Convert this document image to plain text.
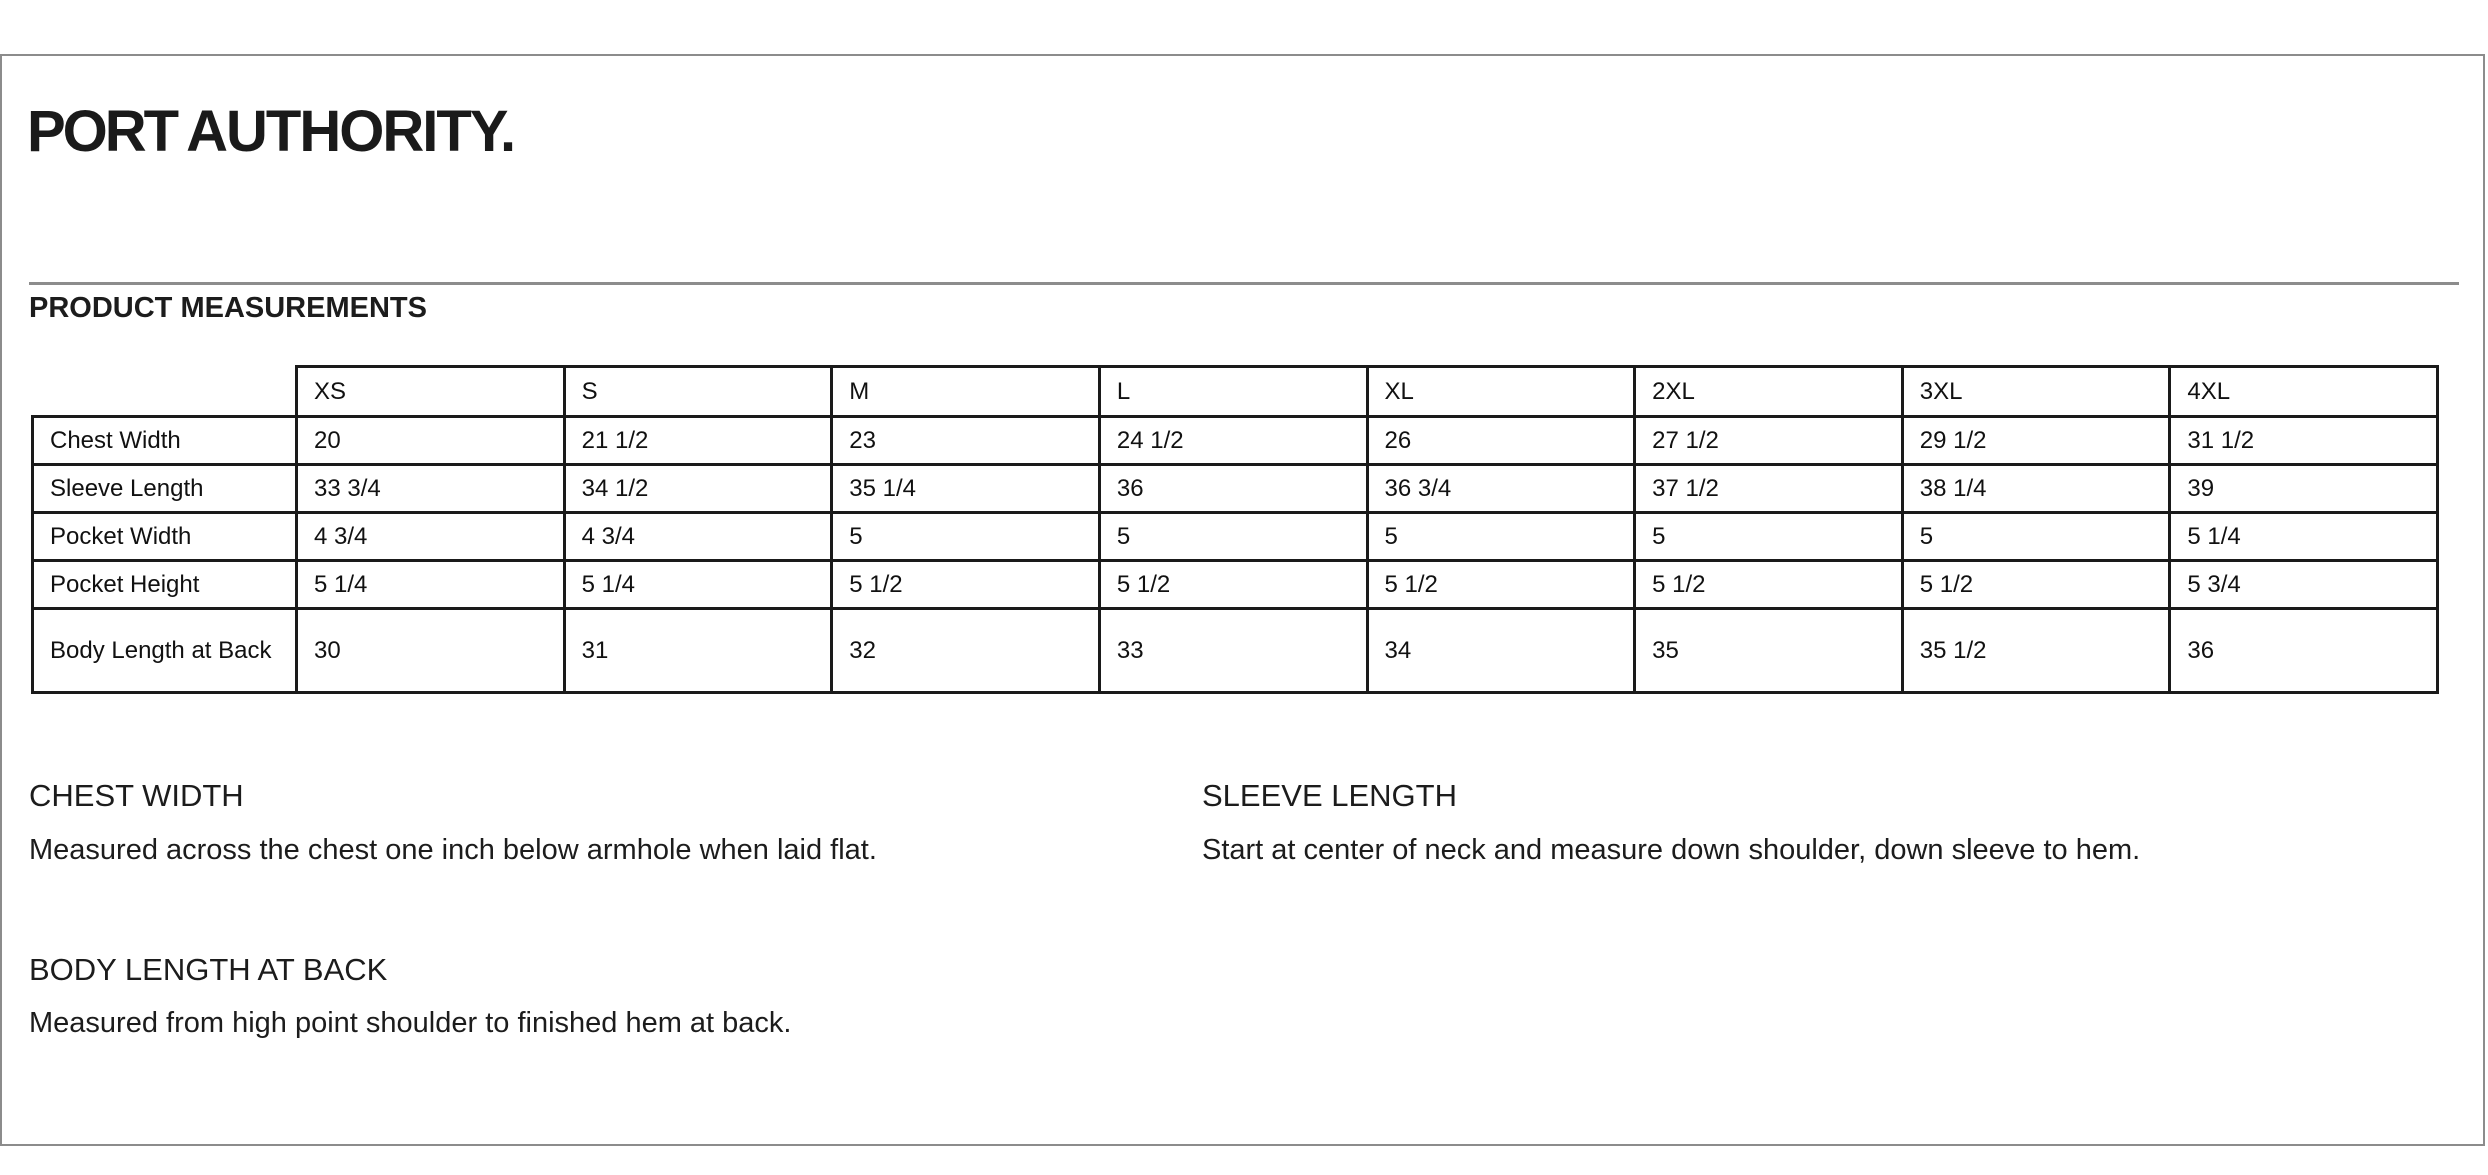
PORT AUTHORITY.
PRODUCT MEASUREMENTS
	XS	S	M	L	XL	2XL	3XL	4XL
Chest Width	20	21 1/2	23	24 1/2	26	27 1/2	29 1/2	31 1/2
Sleeve Length	33 3/4	34 1/2	35 1/4	36	36 3/4	37 1/2	38 1/4	39
Pocket Width	4 3/4	4 3/4	5	5	5	5	5	5 1/4
Pocket Height	5 1/4	5 1/4	5 1/2	5 1/2	5 1/2	5 1/2	5 1/2	5 3/4
Body Length at Back	30	31	32	33	34	35	35 1/2	36
CHEST WIDTH
Measured across the chest one inch below armhole when laid flat.
SLEEVE LENGTH
Start at center of neck and measure down shoulder, down sleeve to hem.
BODY LENGTH AT BACK
Measured from high point shoulder to finished hem at back.
